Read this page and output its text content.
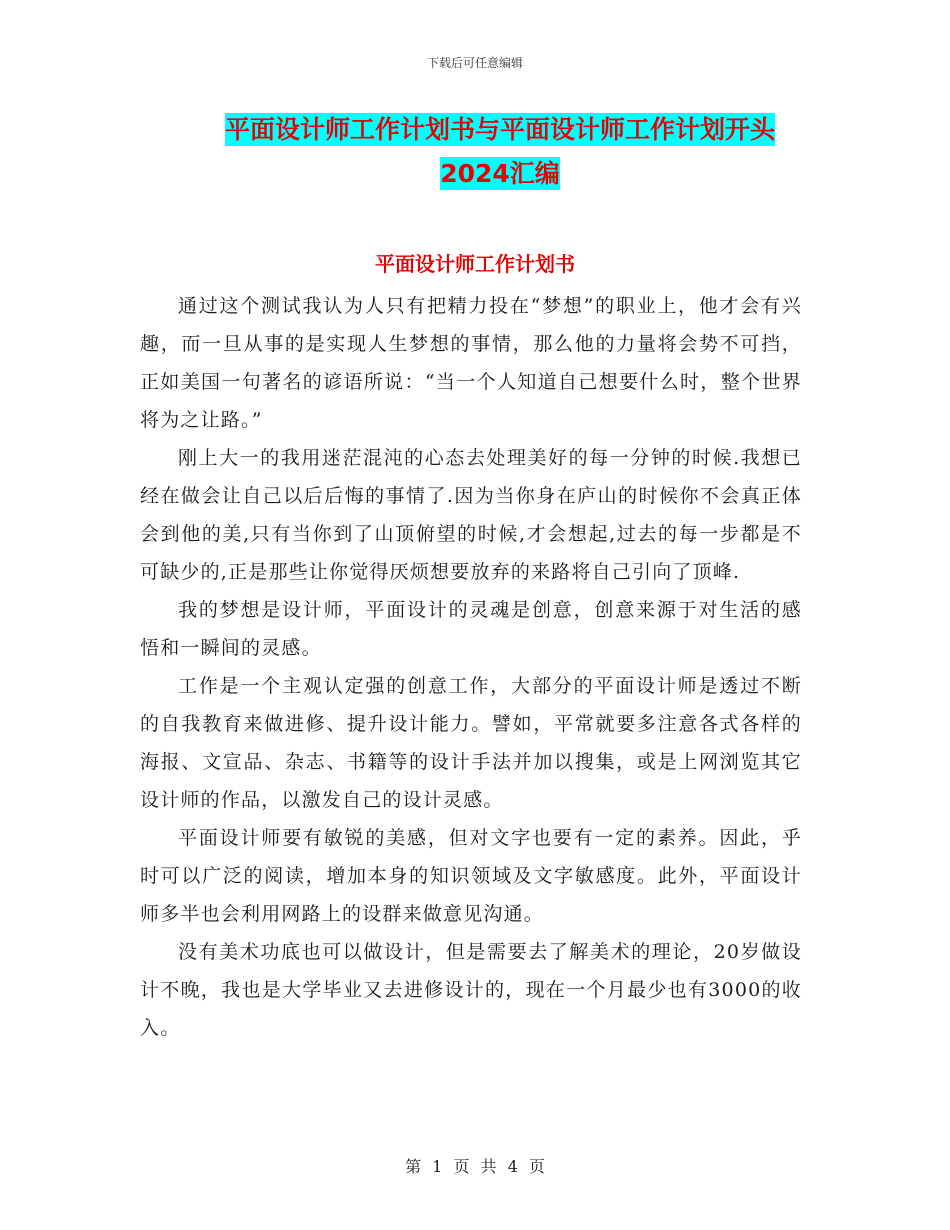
下载后可任意编辑
平面设计师工作计划书与平面设计师工作计划开头
2024汇编
平面设计师工作计划书

通过这个测试我认为人只有把精力投在“梦想”的职业上，他才会有兴趣，而一旦从事的是实现人生梦想的事情，那么他的力量将会势不可挡，正如美国一句著名的谚语所说：“当一个人知道自己想要什么时，整个世界将为之让路。”

刚上大一的我用迷茫混沌的心态去处理美好的每一分钟的时候.我想已经在做会让自己以后后悔的事情了.因为当你身在庐山的时候你不会真正体会到他的美,只有当你到了山顶俯望的时候,才会想起,过去的每一步都是不可缺少的,正是那些让你觉得厌烦想要放弃的来路将自己引向了顶峰.

我的梦想是设计师，平面设计的灵魂是创意，创意来源于对生活的感悟和一瞬间的灵感。

工作是一个主观认定强的创意工作，大部分的平面设计师是透过不断的自我教育来做进修、提升设计能力。譬如，平常就要多注意各式各样的海报、文宣品、杂志、书籍等的设计手法并加以搜集，或是上网浏览其它设计师的作品，以激发自己的设计灵感。

平面设计师要有敏锐的美感，但对文字也要有一定的素养。因此，乎时可以广泛的阅读，增加本身的知识领域及文字敏感度。此外，平面设计师多半也会利用网路上的设群来做意见沟通。

没有美术功底也可以做设计，但是需要去了解美术的理论，20岁做设计不晚，我也是大学毕业又去进修设计的，现在一个月最少也有3000的收入。

第 1 页 共 4 页
